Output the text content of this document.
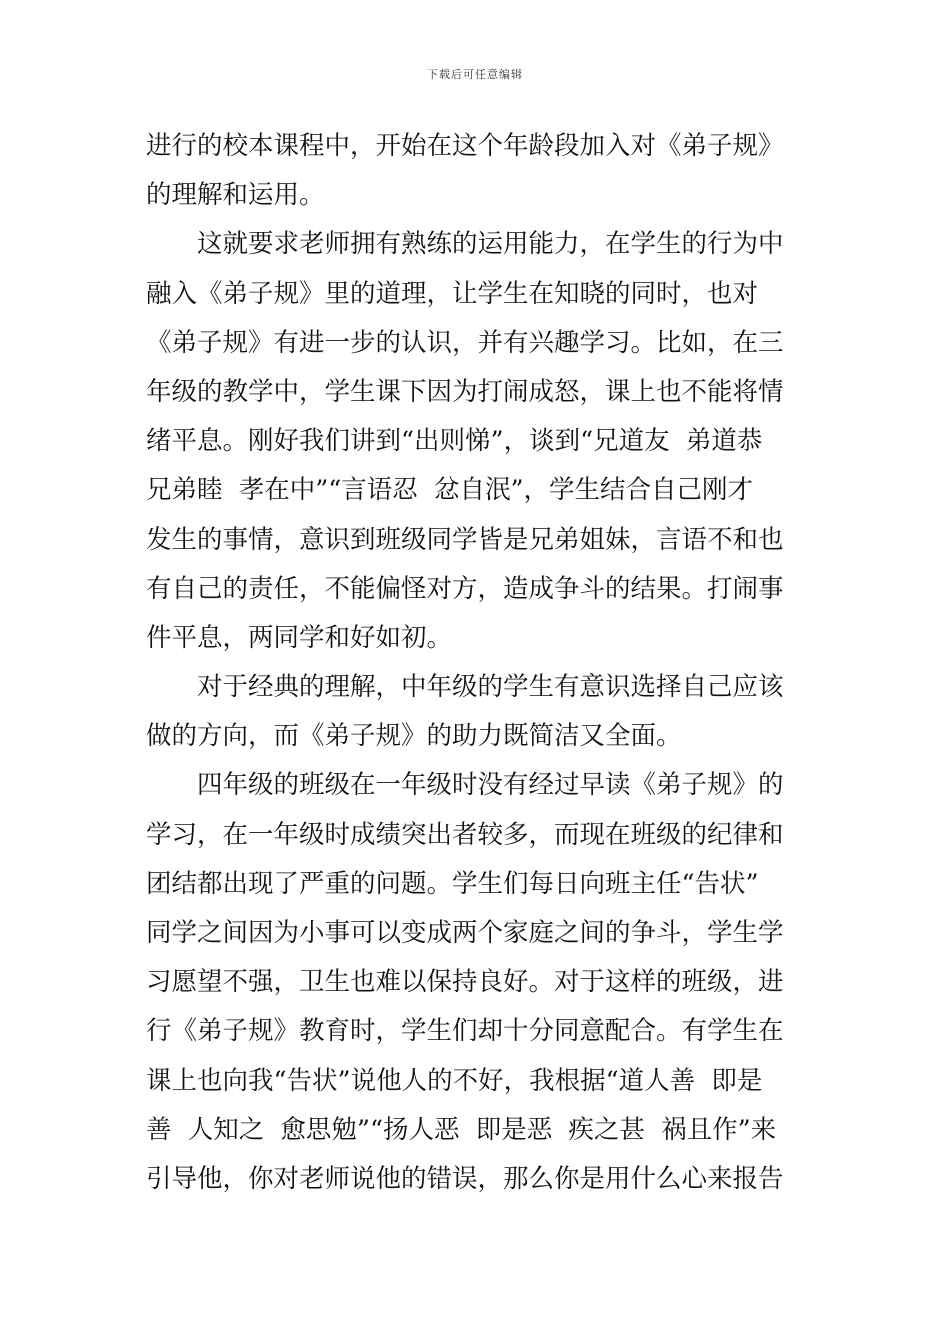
下载后可任意编辑
进行的校本课程中，开始在这个年龄段加入对《弟子规》
的理解和运用。
这就要求老师拥有熟练的运用能力，在学生的行为中
融入《弟子规》里的道理，让学生在知晓的同时，也对
《弟子规》有进一步的认识，并有兴趣学习。比如，在三
年级的教学中，学生课下因为打闹成怒，课上也不能将情
绪平息。刚好我们讲到“出则悌”，谈到“兄道友  弟道恭
兄弟睦  孝在中”“言语忍  忿自泯”，学生结合自己刚才
发生的事情，意识到班级同学皆是兄弟姐妹，言语不和也
有自己的责任，不能偏怪对方，造成争斗的结果。打闹事
件平息，两同学和好如初。
对于经典的理解，中年级的学生有意识选择自己应该
做的方向，而《弟子规》的助力既简洁又全面。
四年级的班级在一年级时没有经过早读《弟子规》的
学习，在一年级时成绩突出者较多，而现在班级的纪律和
团结都出现了严重的问题。学生们每日向班主任“告状”
同学之间因为小事可以变成两个家庭之间的争斗，学生学
习愿望不强，卫生也难以保持良好。对于这样的班级，进
行《弟子规》教育时，学生们却十分同意配合。有学生在
课上也向我“告状”说他人的不好，我根据“道人善  即是
善  人知之  愈思勉”“扬人恶  即是恶  疾之甚  祸且作”来
引导他，你对老师说他的错误，那么你是用什么心来报告
